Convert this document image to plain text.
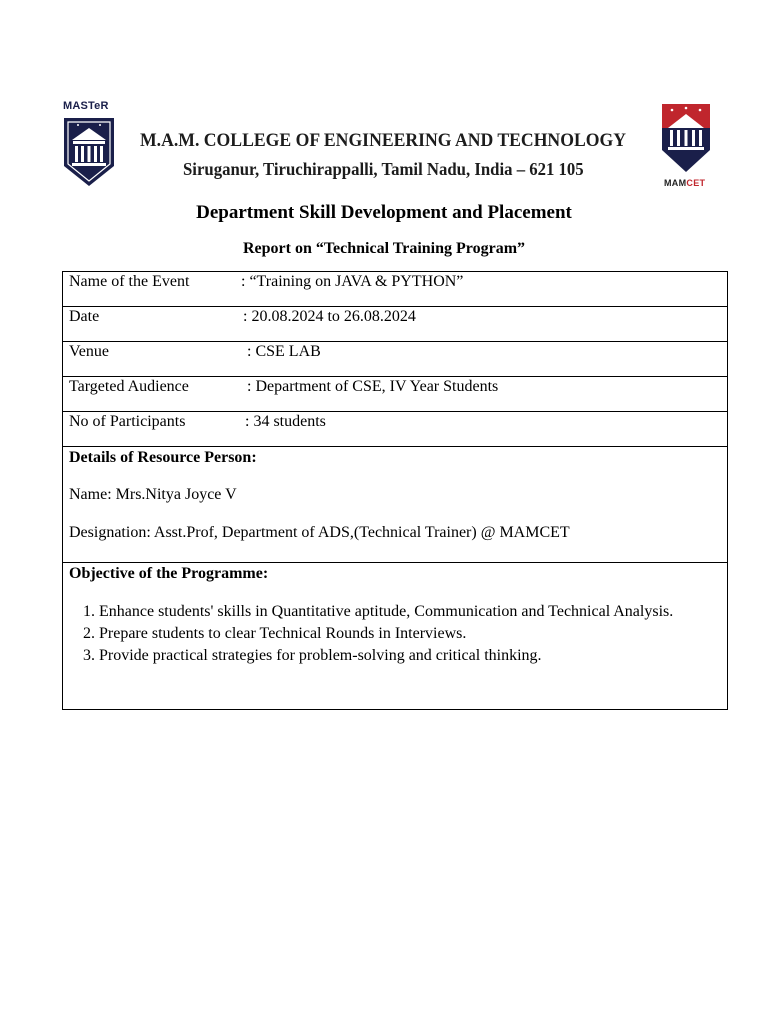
MASTeR
M.A.M. COLLEGE OF ENGINEERING AND TECHNOLOGY
Siruganur, Tiruchirappalli, Tamil Nadu, India – 621 105
MAMCET
Department Skill Development and Placement
Report on “Technical Training Program”
Name of the Event	: “Training on JAVA & PYTHON”
Date	: 20.08.2024 to 26.08.2024
Venue	: CSE LAB
Targeted Audience	: Department of CSE, IV Year Students
No of Participants	: 34 students

Details of Resource Person:

Name: Mrs.Nitya Joyce V

Designation: Asst.Prof, Department of ADS,(Technical Trainer) @ MAMCET

Objective of the Programme:

1. Enhance students' skills in Quantitative aptitude, Communication and Technical Analysis.
2. Prepare students to clear Technical Rounds in Interviews.
3. Provide practical strategies for problem-solving and critical thinking.
